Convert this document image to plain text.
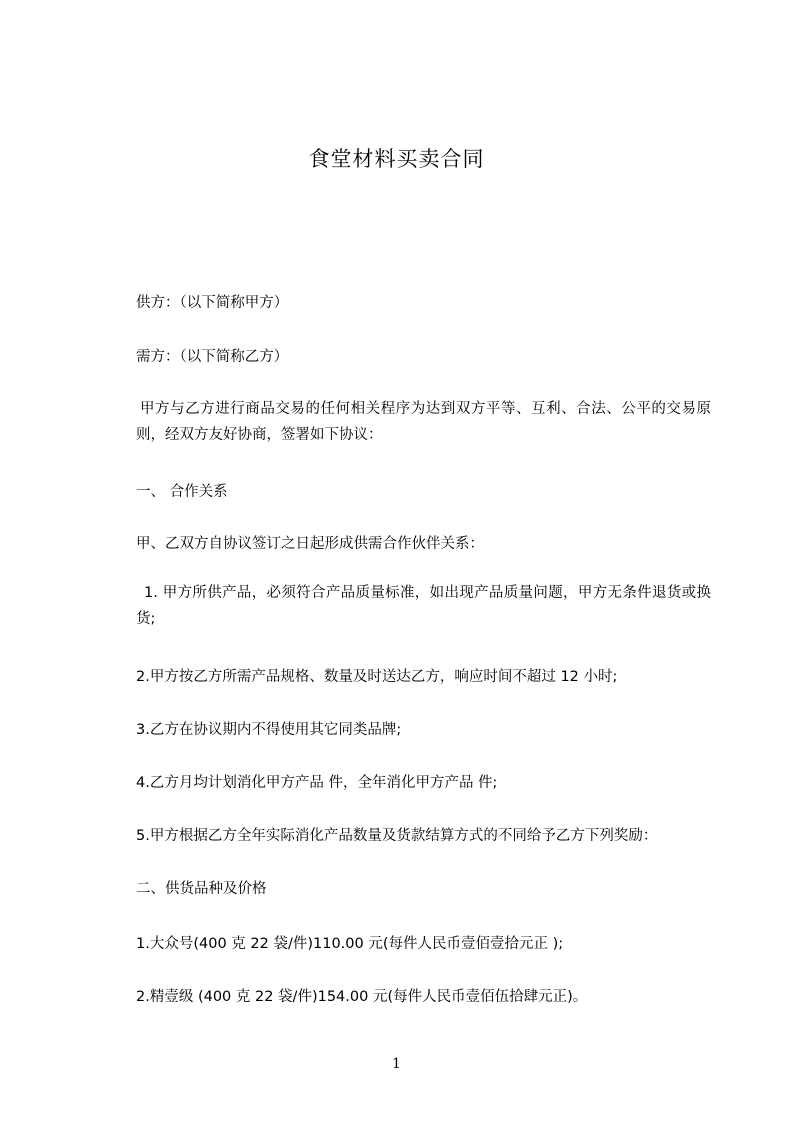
食堂材料买卖合同
供方：（以下简称甲方）
需方：（以下简称乙方）
甲方与乙方进行商品交易的任何相关程序为达到双方平等、互利、合法、公平的交易原则，经双方友好协商，签署如下协议：
一、 合作关系
甲、乙双方自协议签订之日起形成供需合作伙伴关系：
1. 甲方所供产品，必须符合产品质量标准，如出现产品质量问题，甲方无条件退货或换货;
2.甲方按乙方所需产品规格、数量及时送达乙方，响应时间不超过 12 小时;
3.乙方在协议期内不得使用其它同类品牌;
4.乙方月均计划消化甲方产品 件，全年消化甲方产品 件;
5.甲方根据乙方全年实际消化产品数量及货款结算方式的不同给予乙方下列奖励：
二、供货品种及价格
1.大众号(400 克 22 袋/件)110.00 元(每件人民币壹佰壹拾元正 );
2.精壹级 (400 克 22 袋/件)154.00 元(每件人民币壹佰伍拾肆元正)。
1
